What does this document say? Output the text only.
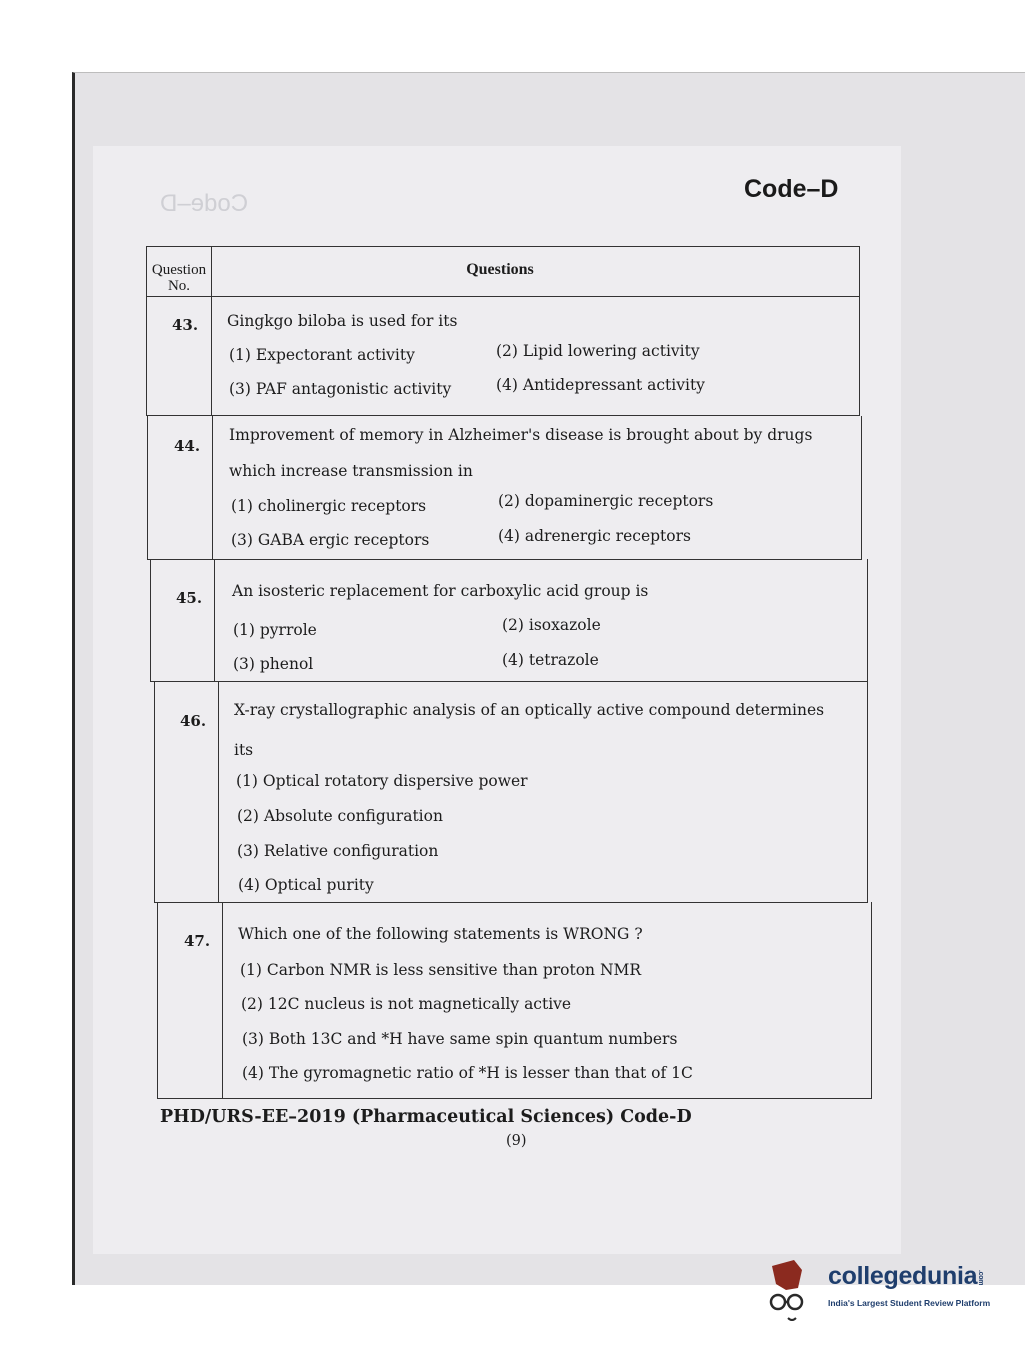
Code–D
Code–D
Question
No.
Questions
43. Gingkgo biloba is used for its
(1) Expectorant activity	(2) Lipid lowering activity
(3) PAF antagonistic activity	(4) Antidepressant activity
44.
Improvement of memory in Alzheimer's disease is brought about by drugs
which increase transmission in
(1) cholinergic receptors	(2) dopaminergic receptors
(3) GABA ergic receptors	(4) adrenergic receptors
45. An isosteric replacement for carboxylic acid group is
(1) pyrrole	(2) isoxazole
(3) phenol	(4) tetrazole
46.
X-ray crystallographic analysis of an optically active compound determines
its
(1) Optical rotatory dispersive power
(2) Absolute configuration
(3) Relative configuration
(4) Optical purity
47. Which one of the following statements is WRONG ?
(1) Carbon NMR is less sensitive than proton NMR
(2) 12C nucleus is not magnetically active
(3) Both 13C and *H have same spin quantum numbers
(4) The gyromagnetic ratio of *H is lesser than that of 1C
PHD/URS-EE–2019 (Pharmaceutical Sciences) Code-D
(9)
collegedunia.com
India's Largest Student Review Platform
